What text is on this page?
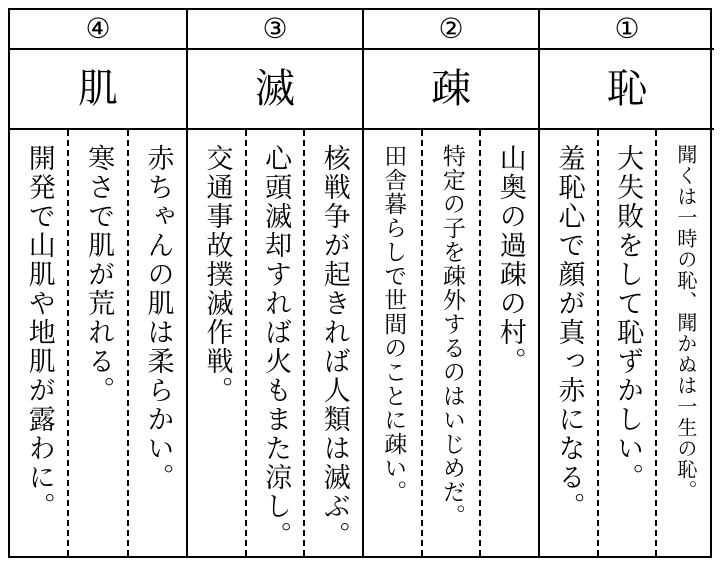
④
肌
赤ちゃんの肌は柔らかい。
寒さで肌が荒れる。
開発で山肌や地肌が露わに。
③
滅
核戦争が起きれば人類は滅ぶ。
心頭滅却すれば火もまた涼し。
交通事故撲滅作戦。
②
疎
山奥の過疎の村。
特定の子を疎外するのはいじめだ。
田舎暮らしで世間のことに疎い。
①
恥
聞くは一時の恥、聞かぬは一生の恥。
大失敗をして恥ずかしい。
羞恥心で顔が真っ赤になる。
